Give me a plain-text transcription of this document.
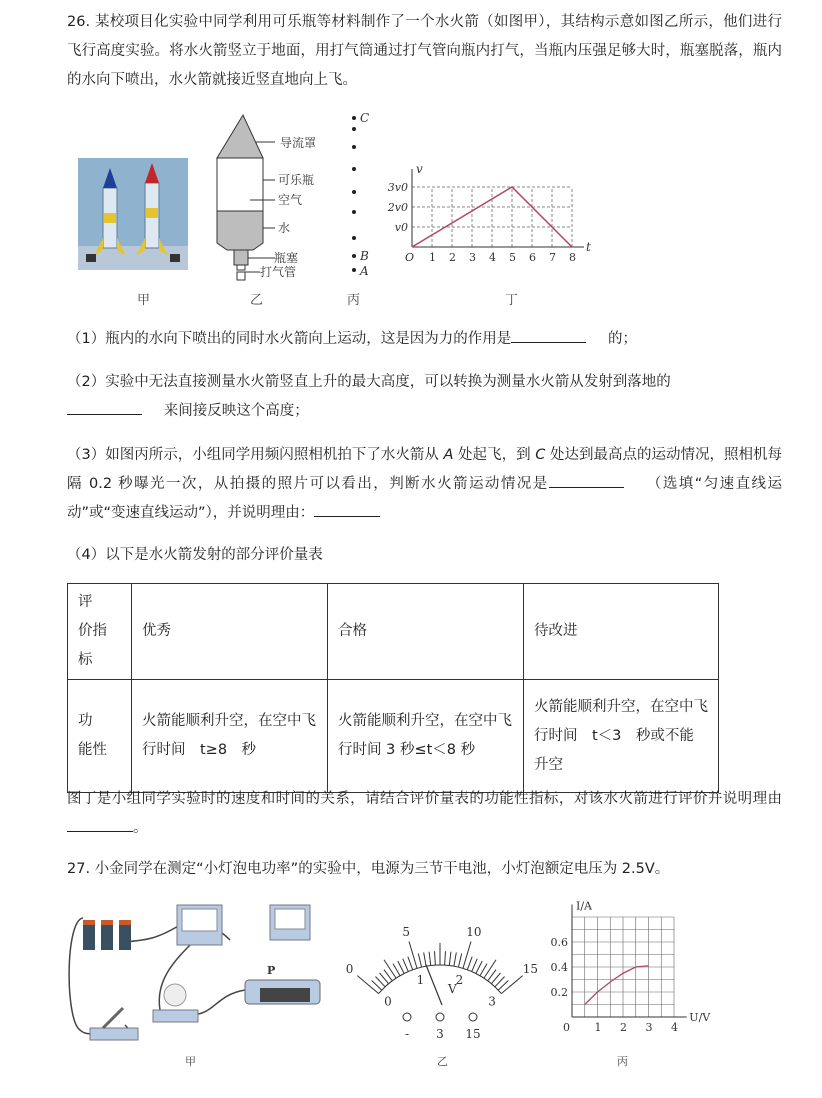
26. 某校项目化实验中同学利用可乐瓶等材料制作了一个水火箭（如图甲），其结构示意如图乙所示，他们进行飞行高度实验。将水火箭竖立于地面，用打气筒通过打气管向瓶内打气，当瓶内压强足够大时，瓶塞脱落，瓶内的水向下喷出，水火箭就接近竖直地向上飞。
甲
导流罩
可乐瓶
空气
水
瓶塞
打气管
乙
C
B
A
丙
t
v
O 1 2 3 4 5 6 7 8
v0
2v0
3v0
丁
（1）瓶内的水向下喷出的同时水火箭向上运动，这是因为力的作用是  	的；
（2）实验中无法直接测量水火箭竖直上升的最大高度，可以转换为测量水火箭从发射到落地的
  来间接反映这个高度；
（3）如图丙所示，小组同学用频闪照相机拍下了水火箭从 A 处起飞，到 C 处达到最高点的运动情况，照相机每隔 0.2 秒曝光一次，从拍摄的照片可以看出，判断水火箭运动情况是  	（选填“匀速直线运动”或“变速直线运动”），并说明理由：
（4）以下是水火箭发射的部分评价量表
评　价指标	优秀	合格	待改进
功　能性	火箭能顺利升空，在空中飞行时间　t≥8　秒	火箭能顺利升空，在空中飞行时间 3 秒≤t＜8 秒	火箭能顺利升空，在空中飞行时间　t＜3　秒或不能升空
图丁是小组同学实验时的速度和时间的关系，请结合评价量表的功能性指标，对该水火箭进行评价并说明理由。
27. 小金同学在测定“小灯泡电功率”的实验中，电源为三节干电池，小灯泡额定电压为 2.5V。
P
甲
0
5	10
15
0
1	2
3
V
- 3 15
乙
U/V
I/A
0 1 2 3 4
0.2
0.4
0.6
丙
